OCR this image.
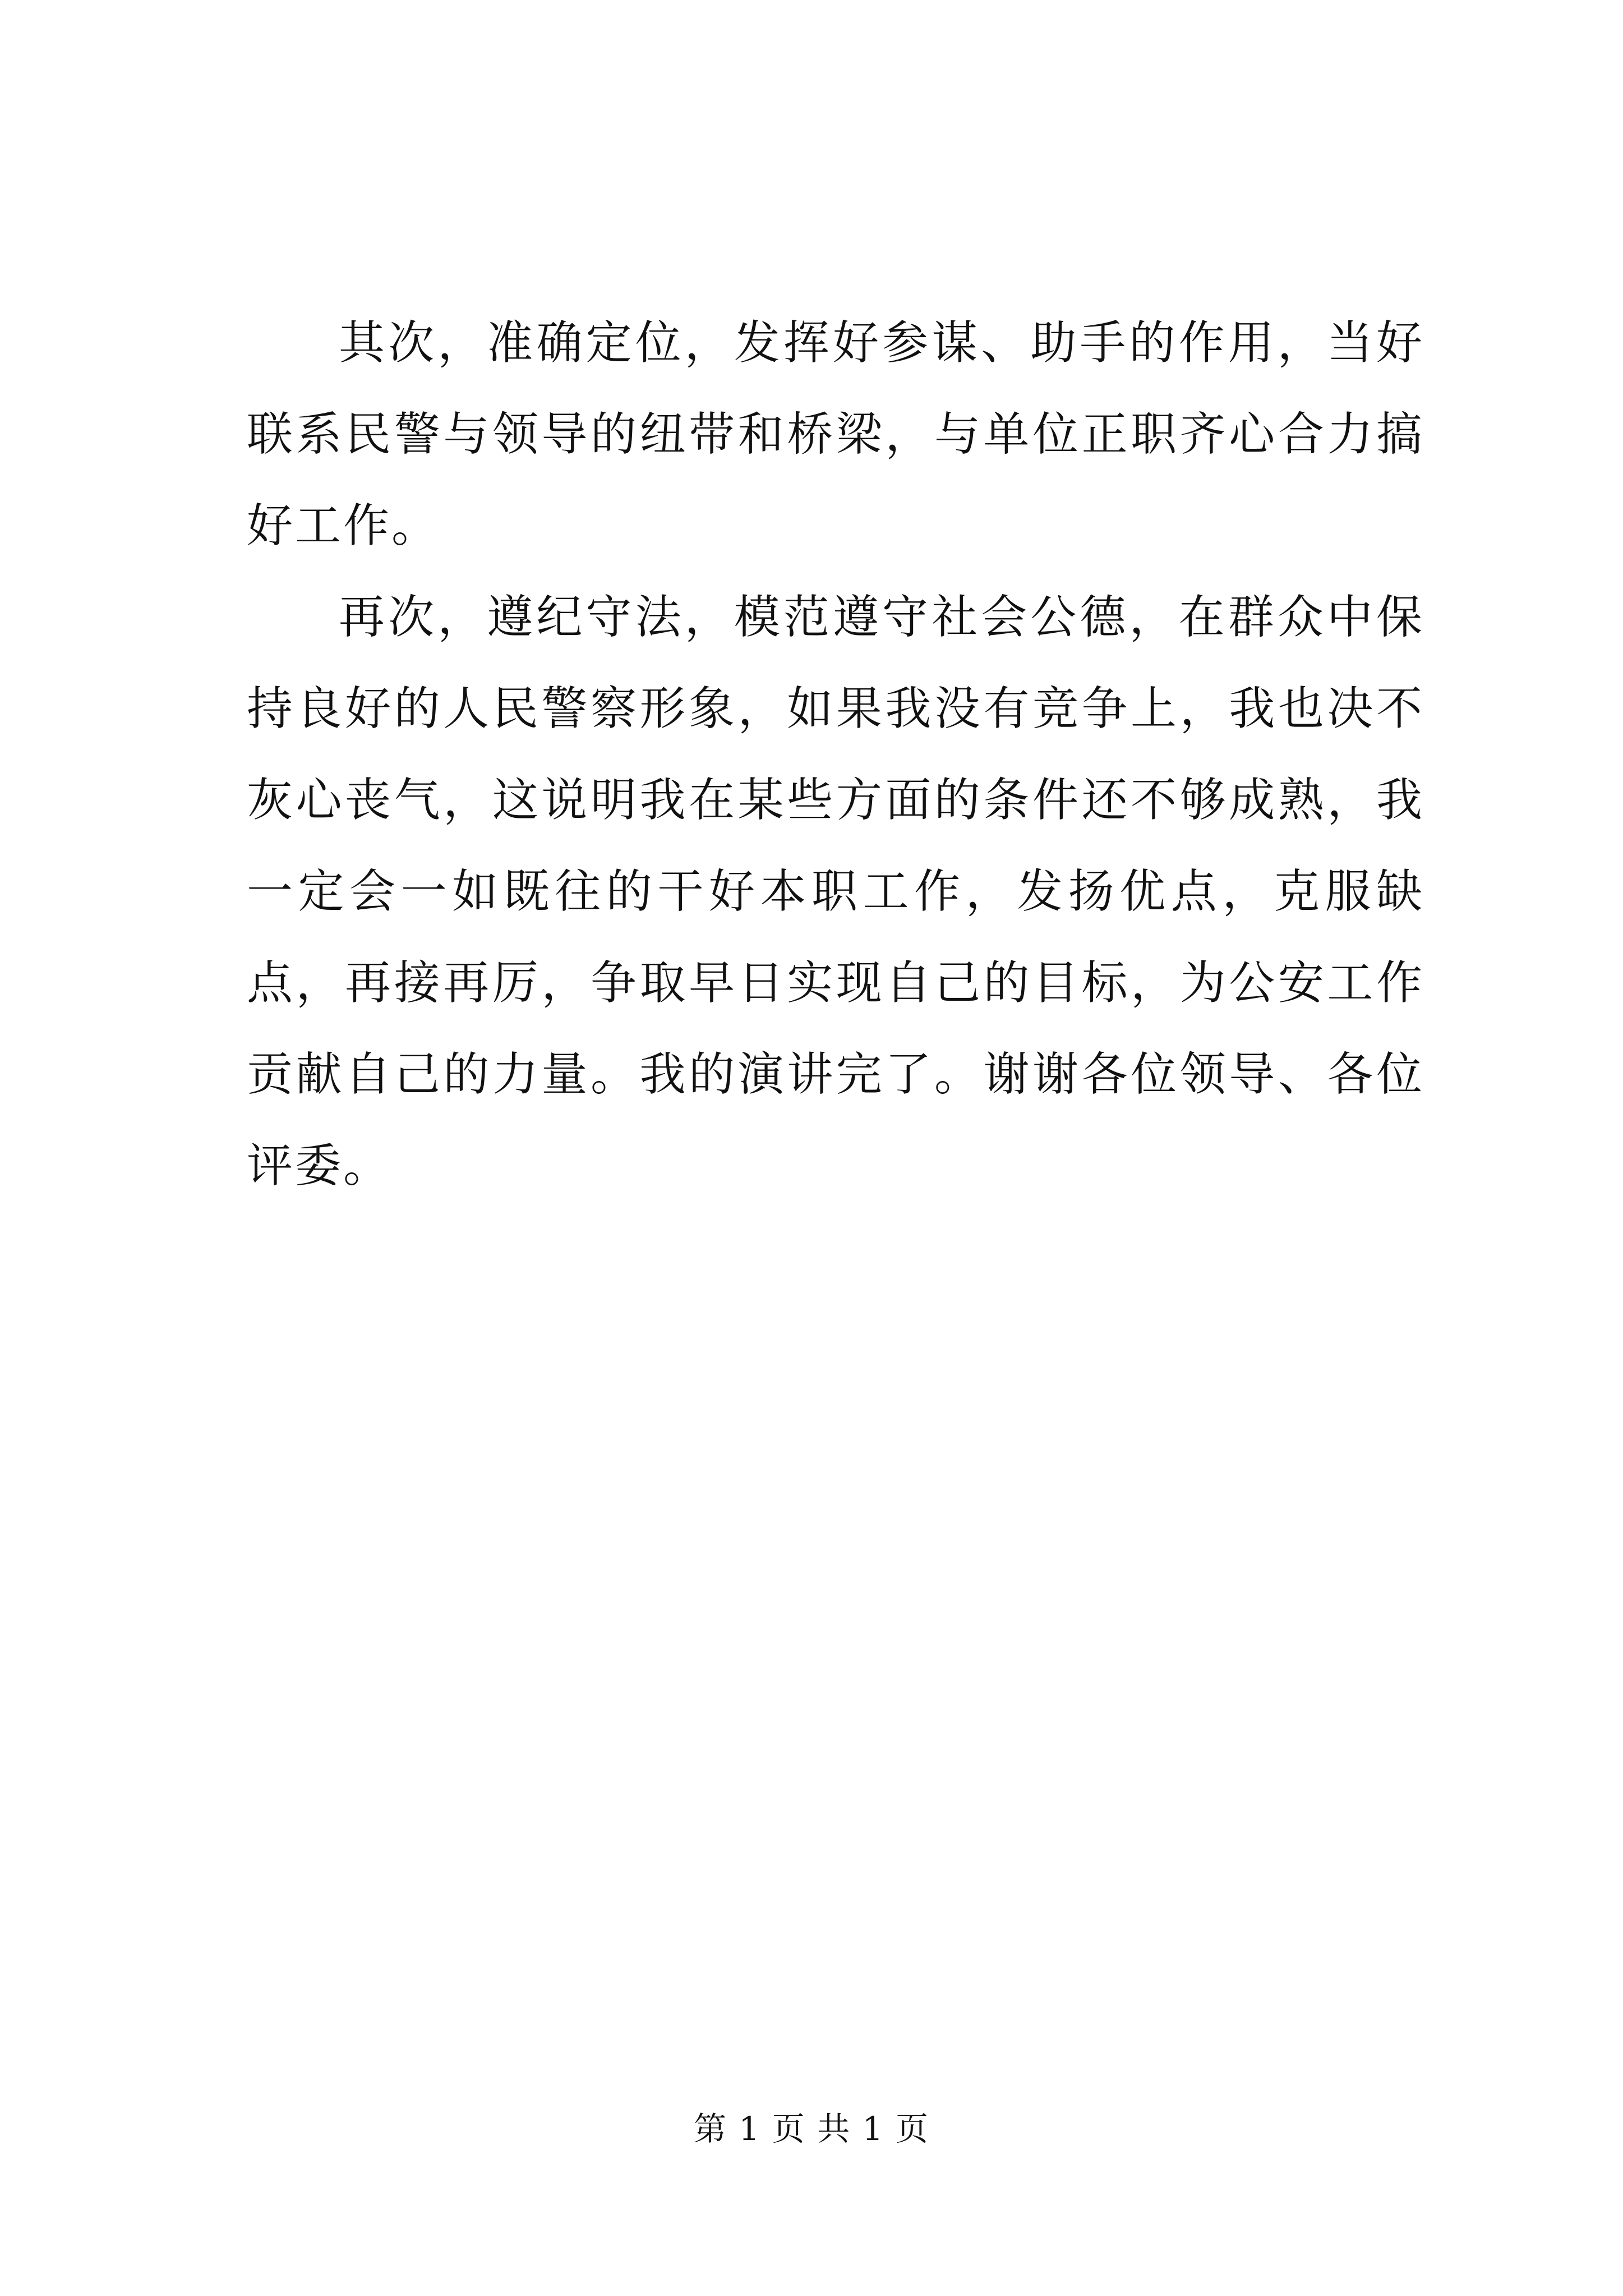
其次，准确定位，发挥好参谋、助手的作用，当好联系民警与领导的纽带和桥梁，与单位正职齐心合力搞好工作。

再次，遵纪守法，模范遵守社会公德，在群众中保持良好的人民警察形象，如果我没有竞争上，我也决不灰心丧气，这说明我在某些方面的条件还不够成熟，我一定会一如既往的干好本职工作，发扬优点，克服缺点，再接再厉，争取早日实现自己的目标，为公安工作贡献自己的力量。我的演讲完了。谢谢各位领导、各位评委。

第 1 页 共 1 页
